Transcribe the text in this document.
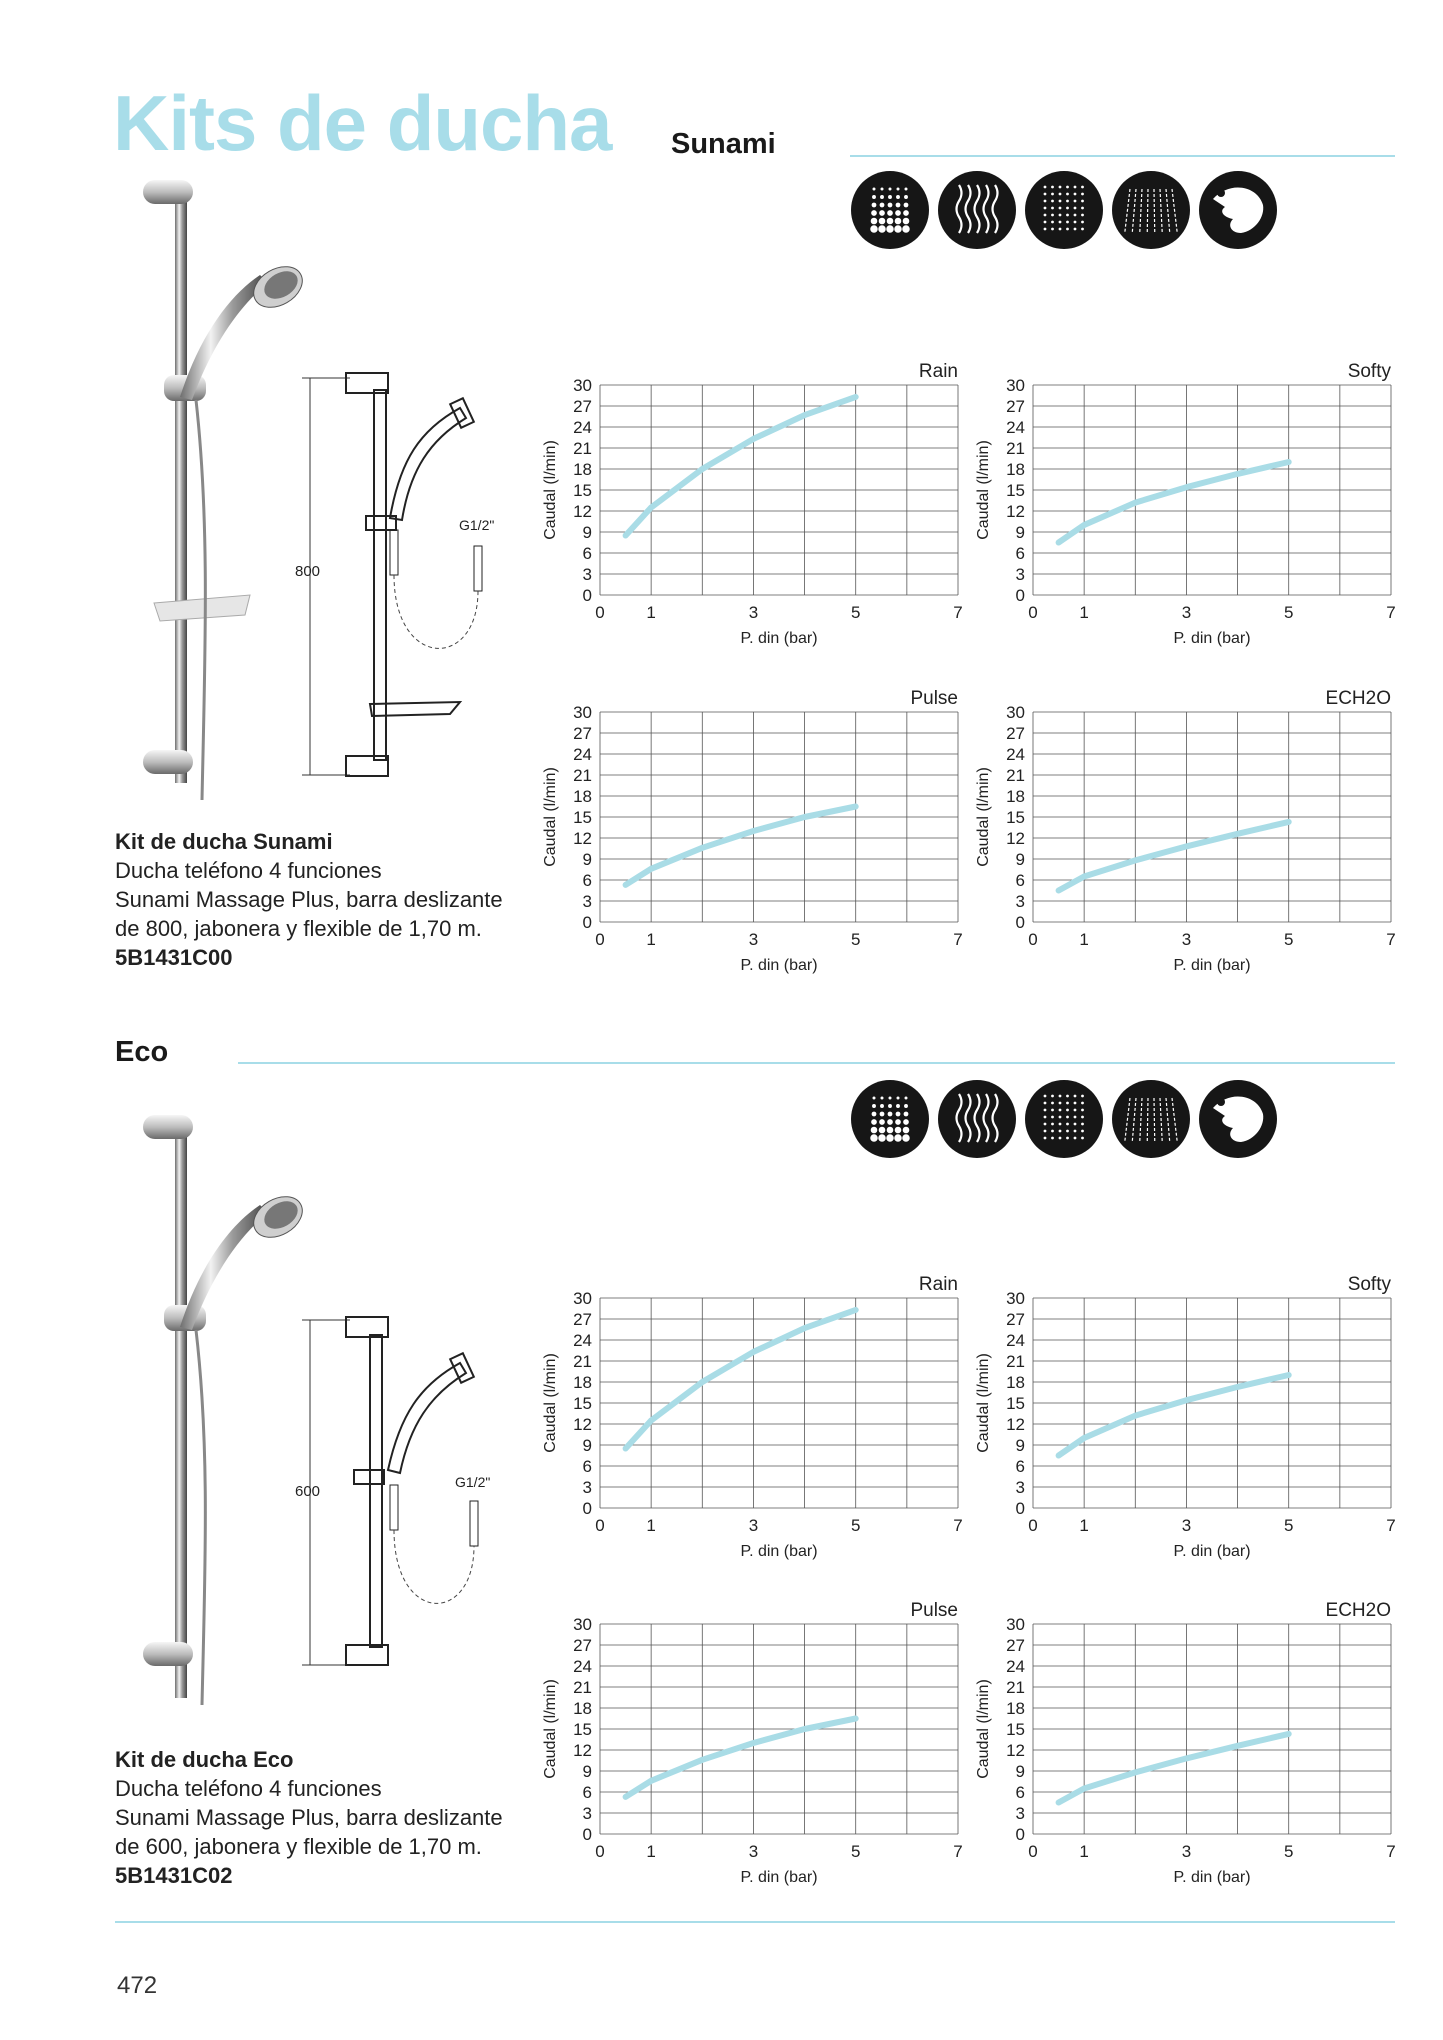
Kits de ducha Sunami
800
G1/2"
Kit de ducha Sunami
Ducha teléfono 4 funciones
Sunami Massage Plus, barra deslizante
de 800, jabonera y flexible de 1,70 m.
5B1431C00
Eco
600
G1/2"
Kit de ducha Eco
Ducha teléfono 4 funciones
Sunami Massage Plus, barra deslizante
de 600, jabonera y flexible de 1,70 m.
5B1431C02
472
0
3
6
9
12
15
18
21
24
27
30
0 1	3	5	7
P. din (bar)
Caudal (l/min)
Rain
0
3
6
9
12
15
18
21
24
27
30
0 1	3	5	7
P. din (bar)
Caudal (l/min)
Softy
0
3
6
9
12
15
18
21
24
27
30
0 1	3	5	7
P. din (bar)
Caudal (l/min)
Pulse
0
3
6
9
12
15
18
21
24
27
30
0 1	3	5	7
P. din (bar)
Caudal (l/min)
ECH2O
0
3
6
9
12
15
18
21
24
27
30
0 1	3	5	7
P. din (bar)
Caudal (l/min)
Rain
0
3
6
9
12
15
18
21
24
27
30
0 1	3	5	7
P. din (bar)
Caudal (l/min)
Softy
0
3
6
9
12
15
18
21
24
27
30
0 1	3	5	7
P. din (bar)
Caudal (l/min)
Pulse
0
3
6
9
12
15
18
21
24
27
30
0 1	3	5	7
P. din (bar)
Caudal (l/min)
ECH2O
